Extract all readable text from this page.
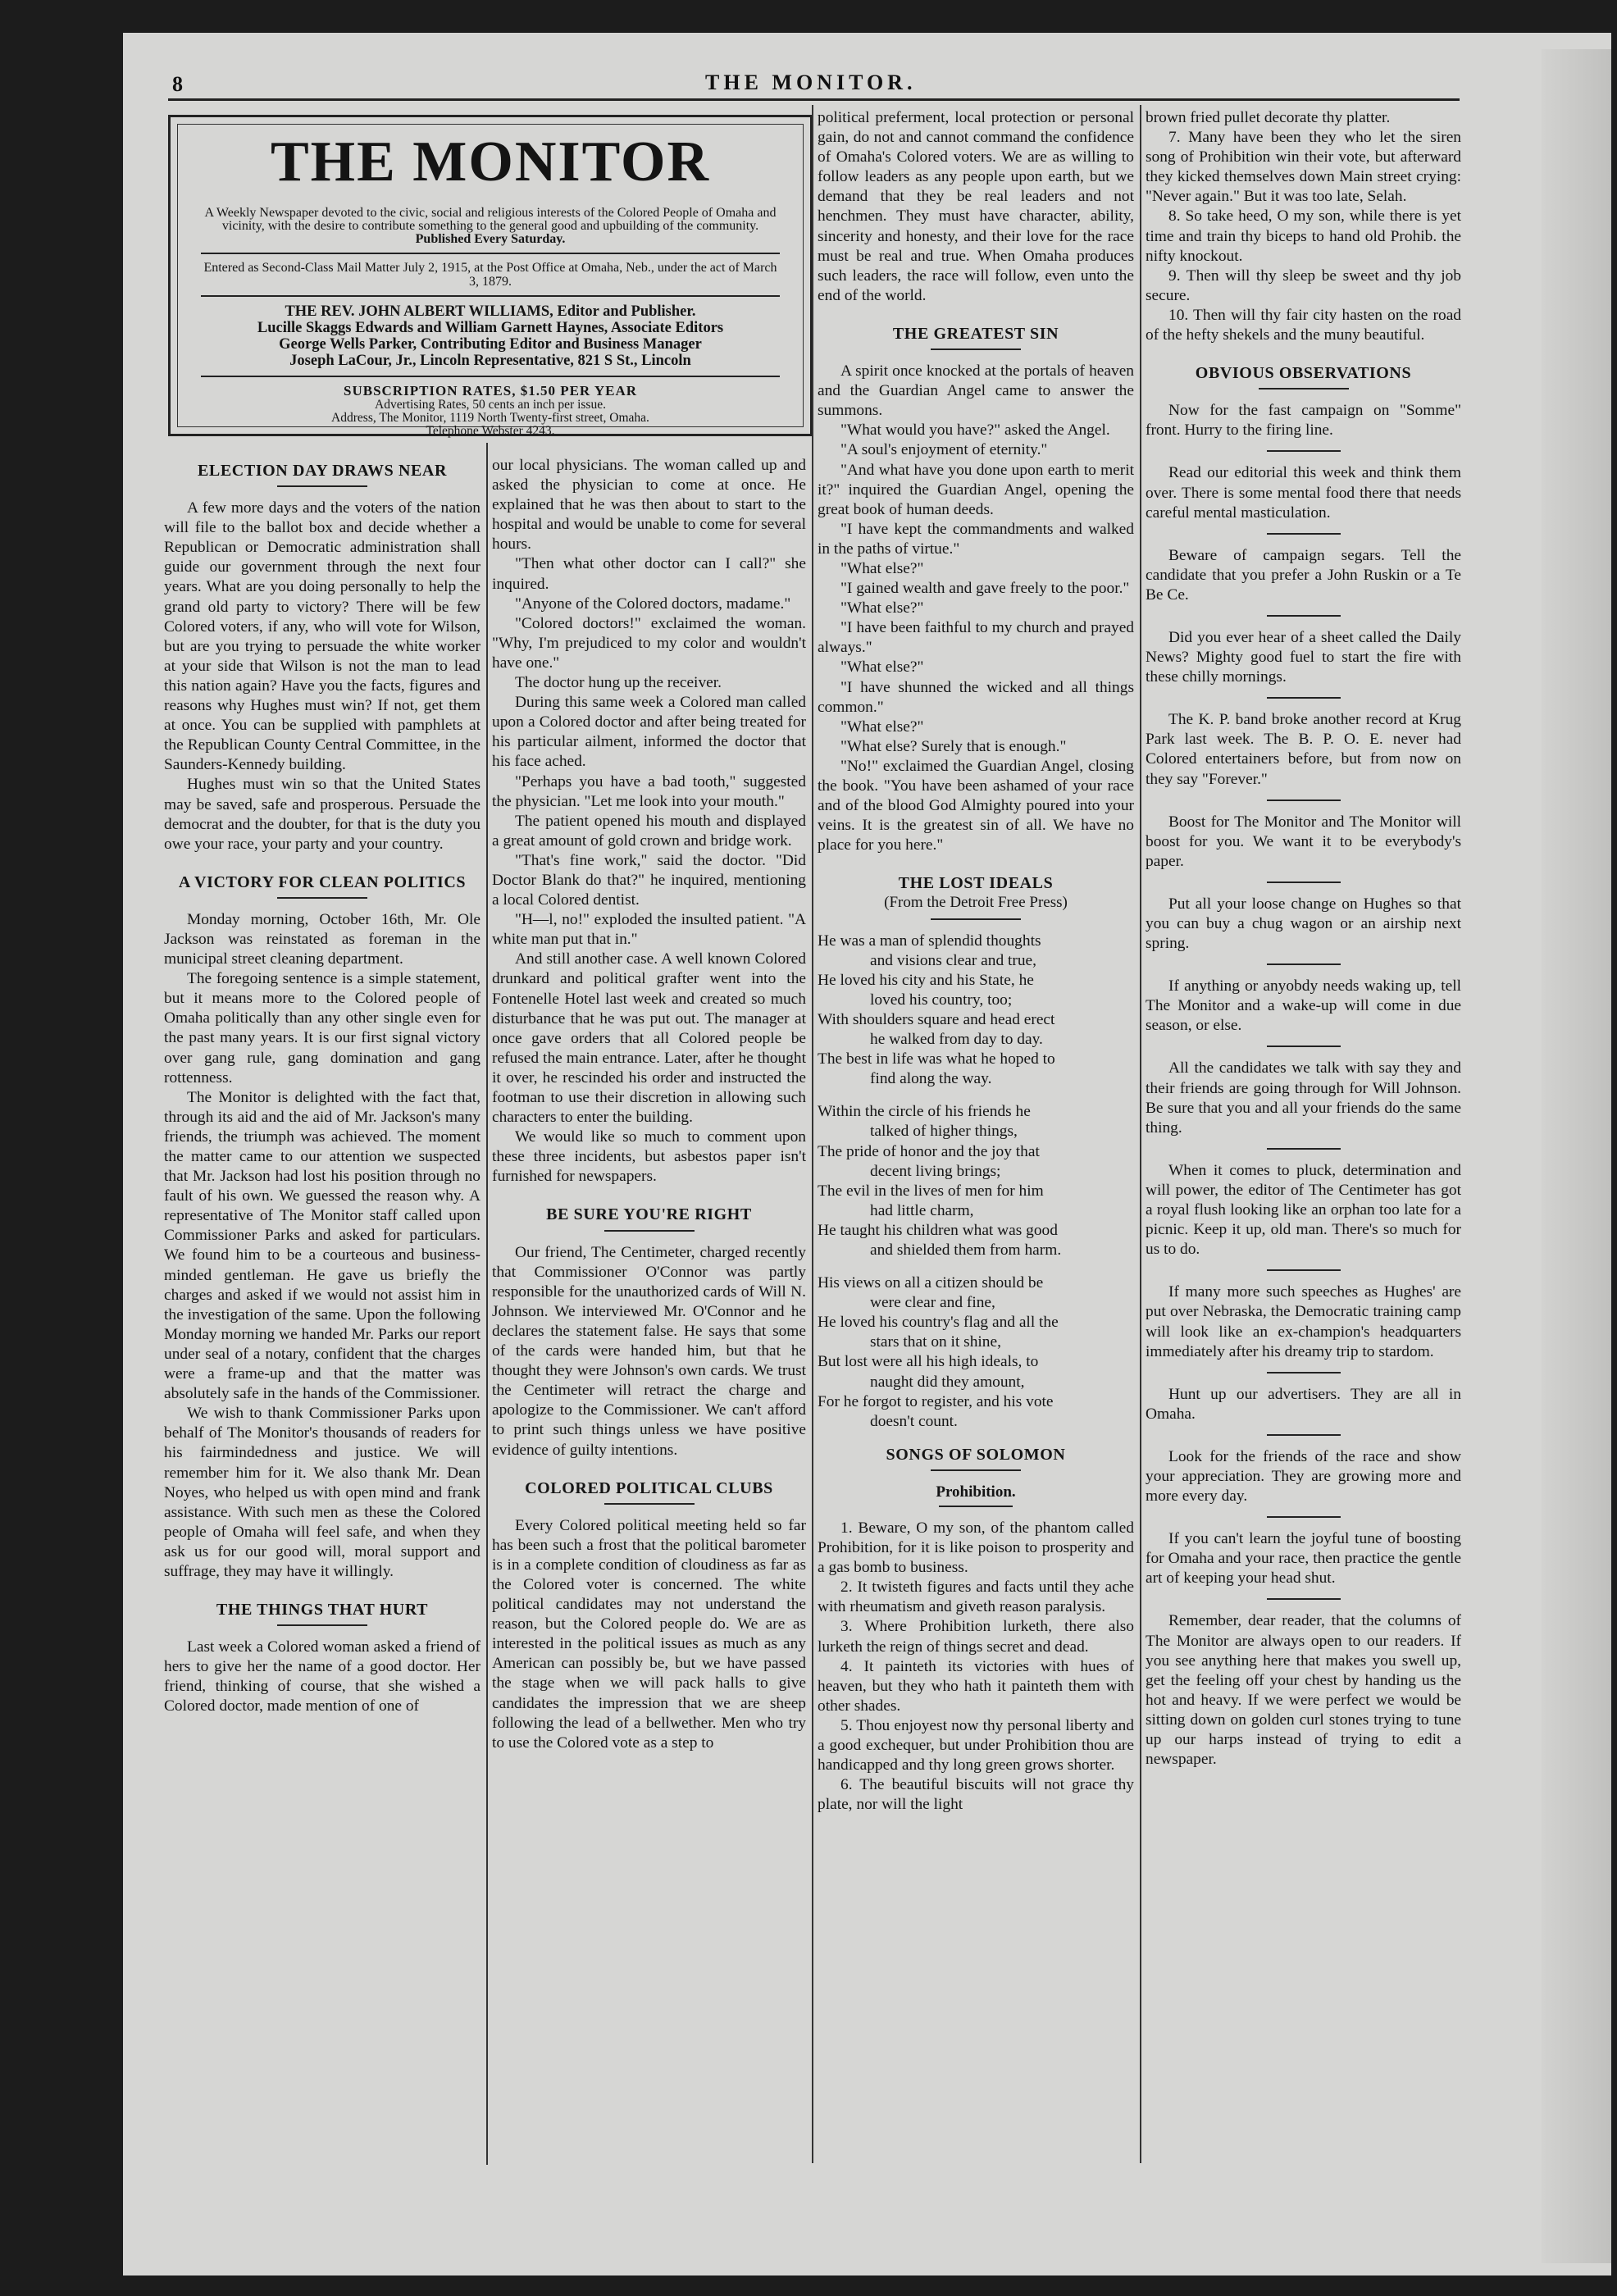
8	THE MONITOR.
THE MONITOR
A Weekly Newspaper devoted to the civic, social and religious interests of the Colored People of Omaha and vicinity, with the desire to contribute something to the general good and upbuilding of the community.
Published Every Saturday.
Entered as Second-Class Mail Matter July 2, 1915, at the Post Office at Omaha, Neb., under the act of March 3, 1879.
THE REV. JOHN ALBERT WILLIAMS, Editor and Publisher.
Lucille Skaggs Edwards and William Garnett Haynes, Associate Editors
George Wells Parker, Contributing Editor and Business Manager
Joseph LaCour, Jr., Lincoln Representative, 821 S St., Lincoln
SUBSCRIPTION RATES, $1.50 PER YEAR
Advertising Rates, 50 cents an inch per issue.
Address, The Monitor, 1119 North Twenty-first street, Omaha.
Telephone Webster 4243.
ELECTION DAY DRAWS NEAR

A few more days and the voters of the nation will file to the ballot box and decide whether a Republican or Democratic administration shall guide our government through the next four years. What are you doing personally to help the grand old party to victory? There will be few Colored voters, if any, who will vote for Wilson, but are you trying to persuade the white worker at your side that Wilson is not the man to lead this nation again? Have you the facts, figures and reasons why Hughes must win? If not, get them at once. You can be supplied with pamphlets at the Republican County Central Committee, in the Saunders-Kennedy building.

Hughes must win so that the United States may be saved, safe and prosperous. Persuade the democrat and the doubter, for that is the duty you owe your race, your party and your country.

A VICTORY FOR CLEAN POLITICS

Monday morning, October 16th, Mr. Ole Jackson was reinstated as foreman in the municipal street cleaning department.

The foregoing sentence is a simple statement, but it means more to the Colored people of Omaha politically than any other single even for the past many years. It is our first signal victory over gang rule, gang domination and gang rottenness.

The Monitor is delighted with the fact that, through its aid and the aid of Mr. Jackson's many friends, the triumph was achieved. The moment the matter came to our attention we suspected that Mr. Jackson had lost his position through no fault of his own. We guessed the reason why. A representative of The Monitor staff called upon Commissioner Parks and asked for particulars. We found him to be a courteous and business-minded gentleman. He gave us briefly the charges and asked if we would not assist him in the investigation of the same. Upon the following Monday morning we handed Mr. Parks our report under seal of a notary, confident that the charges were a frame-up and that the matter was absolutely safe in the hands of the Commissioner.

We wish to thank Commissioner Parks upon behalf of The Monitor's thousands of readers for his fairmindedness and justice. We will remember him for it. We also thank Mr. Dean Noyes, who helped us with open mind and frank assistance. With such men as these the Colored people of Omaha will feel safe, and when they ask us for our good will, moral support and suffrage, they may have it willingly.

THE THINGS THAT HURT

Last week a Colored woman asked a friend of hers to give her the name of a good doctor. Her friend, thinking of course, that she wished a Colored doctor, made mention of one of

our local physicians. The woman called up and asked the physician to come at once. He explained that he was then about to start to the hospital and would be unable to come for several hours.

"Then what other doctor can I call?" she inquired.

"Anyone of the Colored doctors, madame."

"Colored doctors!" exclaimed the woman. "Why, I'm prejudiced to my color and wouldn't have one."

The doctor hung up the receiver.

During this same week a Colored man called upon a Colored doctor and after being treated for his particular ailment, informed the doctor that his face ached.

"Perhaps you have a bad tooth," suggested the physician. "Let me look into your mouth."

The patient opened his mouth and displayed a great amount of gold crown and bridge work.

"That's fine work," said the doctor. "Did Doctor Blank do that?" he inquired, mentioning a local Colored dentist.

"H—l, no!" exploded the insulted patient. "A white man put that in."

And still another case. A well known Colored drunkard and political grafter went into the Fontenelle Hotel last week and created so much disturbance that he was put out. The manager at once gave orders that all Colored people be refused the main entrance. Later, after he thought it over, he rescinded his order and instructed the footman to use their discretion in allowing such characters to enter the building.

We would like so much to comment upon these three incidents, but asbestos paper isn't furnished for newspapers.

BE SURE YOU'RE RIGHT

Our friend, The Centimeter, charged recently that Commissioner O'Connor was partly responsible for the unauthorized cards of Will N. Johnson. We interviewed Mr. O'Connor and he declares the statement false. He says that some of the cards were handed him, but that he thought they were Johnson's own cards. We trust the Centimeter will retract the charge and apologize to the Commissioner. We can't afford to print such things unless we have positive evidence of guilty intentions.

COLORED POLITICAL CLUBS

Every Colored political meeting held so far has been such a frost that the political barometer is in a complete condition of cloudiness as far as the Colored voter is concerned. The white political candidates may not understand the reason, but the Colored people do. We are as interested in the political issues as much as any American can possibly be, but we have passed the stage when we will pack halls to give candidates the impression that we are sheep following the lead of a bellwether. Men who try to use the Colored vote as a step to

political preferment, local protection or personal gain, do not and cannot command the confidence of Omaha's Colored voters. We are as willing to follow leaders as any people upon earth, but we demand that they be real leaders and not henchmen. They must have character, ability, sincerity and honesty, and their love for the race must be real and true. When Omaha produces such leaders, the race will follow, even unto the end of the world.

THE GREATEST SIN

A spirit once knocked at the portals of heaven and the Guardian Angel came to answer the summons.

"What would you have?" asked the Angel.

"A soul's enjoyment of eternity."

"And what have you done upon earth to merit it?" inquired the Guardian Angel, opening the great book of human deeds.

"I have kept the commandments and walked in the paths of virtue."

"What else?"

"I gained wealth and gave freely to the poor."

"What else?"

"I have been faithful to my church and prayed always."

"What else?"

"I have shunned the wicked and all things common."

"What else?"

"What else? Surely that is enough."

"No!" exclaimed the Guardian Angel, closing the book. "You have been ashamed of your race and of the blood God Almighty poured into your veins. It is the greatest sin of all. We have no place for you here."

THE LOST IDEALS
(From the Detroit Free Press)

He was a man of splendid thoughts

and visions clear and true,

He loved his city and his State, he

loved his country, too;

With shoulders square and head erect

he walked from day to day.

The best in life was what he hoped to

find along the way.

Within the circle of his friends he

talked of higher things,

The pride of honor and the joy that

decent living brings;

The evil in the lives of men for him

had little charm,

He taught his children what was good

and shielded them from harm.

His views on all a citizen should be

were clear and fine,

He loved his country's flag and all the

stars that on it shine,

But lost were all his high ideals, to

naught did they amount,

For he forgot to register, and his vote

doesn't count.

SONGS OF SOLOMON
Prohibition.

1. Beware, O my son, of the phantom called Prohibition, for it is like poison to prosperity and a gas bomb to business.

2. It twisteth figures and facts until they ache with rheumatism and giveth reason paralysis.

3. Where Prohibition lurketh, there also lurketh the reign of things secret and dead.

4. It painteth its victories with hues of heaven, but they who hath it painteth them with other shades.

5. Thou enjoyest now thy personal liberty and a good exchequer, but under Prohibition thou are handicapped and thy long green grows shorter.

6. The beautiful biscuits will not grace thy plate, nor will the light

brown fried pullet decorate thy platter.

7. Many have been they who let the siren song of Prohibition win their vote, but afterward they kicked themselves down Main street crying: "Never again." But it was too late, Selah.

8. So take heed, O my son, while there is yet time and train thy biceps to hand old Prohib. the nifty knockout.

9. Then will thy sleep be sweet and thy job secure.

10. Then will thy fair city hasten on the road of the hefty shekels and the muny beautiful.

OBVIOUS OBSERVATIONS

Now for the fast campaign on "Somme" front. Hurry to the firing line.

Read our editorial this week and think them over. There is some mental food there that needs careful mental masticulation.

Beware of campaign segars. Tell the candidate that you prefer a John Ruskin or a Te Be Ce.

Did you ever hear of a sheet called the Daily News? Mighty good fuel to start the fire with these chilly mornings.

The K. P. band broke another record at Krug Park last week. The B. P. O. E. never had Colored entertainers before, but from now on they say "Forever."

Boost for The Monitor and The Monitor will boost for you. We want it to be everybody's paper.

Put all your loose change on Hughes so that you can buy a chug wagon or an airship next spring.

If anything or anyobdy needs waking up, tell The Monitor and a wake-up will come in due season, or else.

All the candidates we talk with say they and their friends are going through for Will Johnson. Be sure that you and all your friends do the same thing.

When it comes to pluck, determination and will power, the editor of The Centimeter has got a royal flush looking like an orphan too late for a picnic. Keep it up, old man. There's so much for us to do.

If many more such speeches as Hughes' are put over Nebraska, the Democratic training camp will look like an ex-champion's headquarters immediately after his dreamy trip to stardom.

Hunt up our advertisers. They are all in Omaha.

Look for the friends of the race and show your appreciation. They are growing more and more every day.

If you can't learn the joyful tune of boosting for Omaha and your race, then practice the gentle art of keeping your head shut.

Remember, dear reader, that the columns of The Monitor are always open to our readers. If you see anything here that makes you swell up, get the feeling off your chest by handing us the hot and heavy. If we were perfect we would be sitting down on golden curl stones trying to tune up our harps instead of trying to edit a newspaper.
